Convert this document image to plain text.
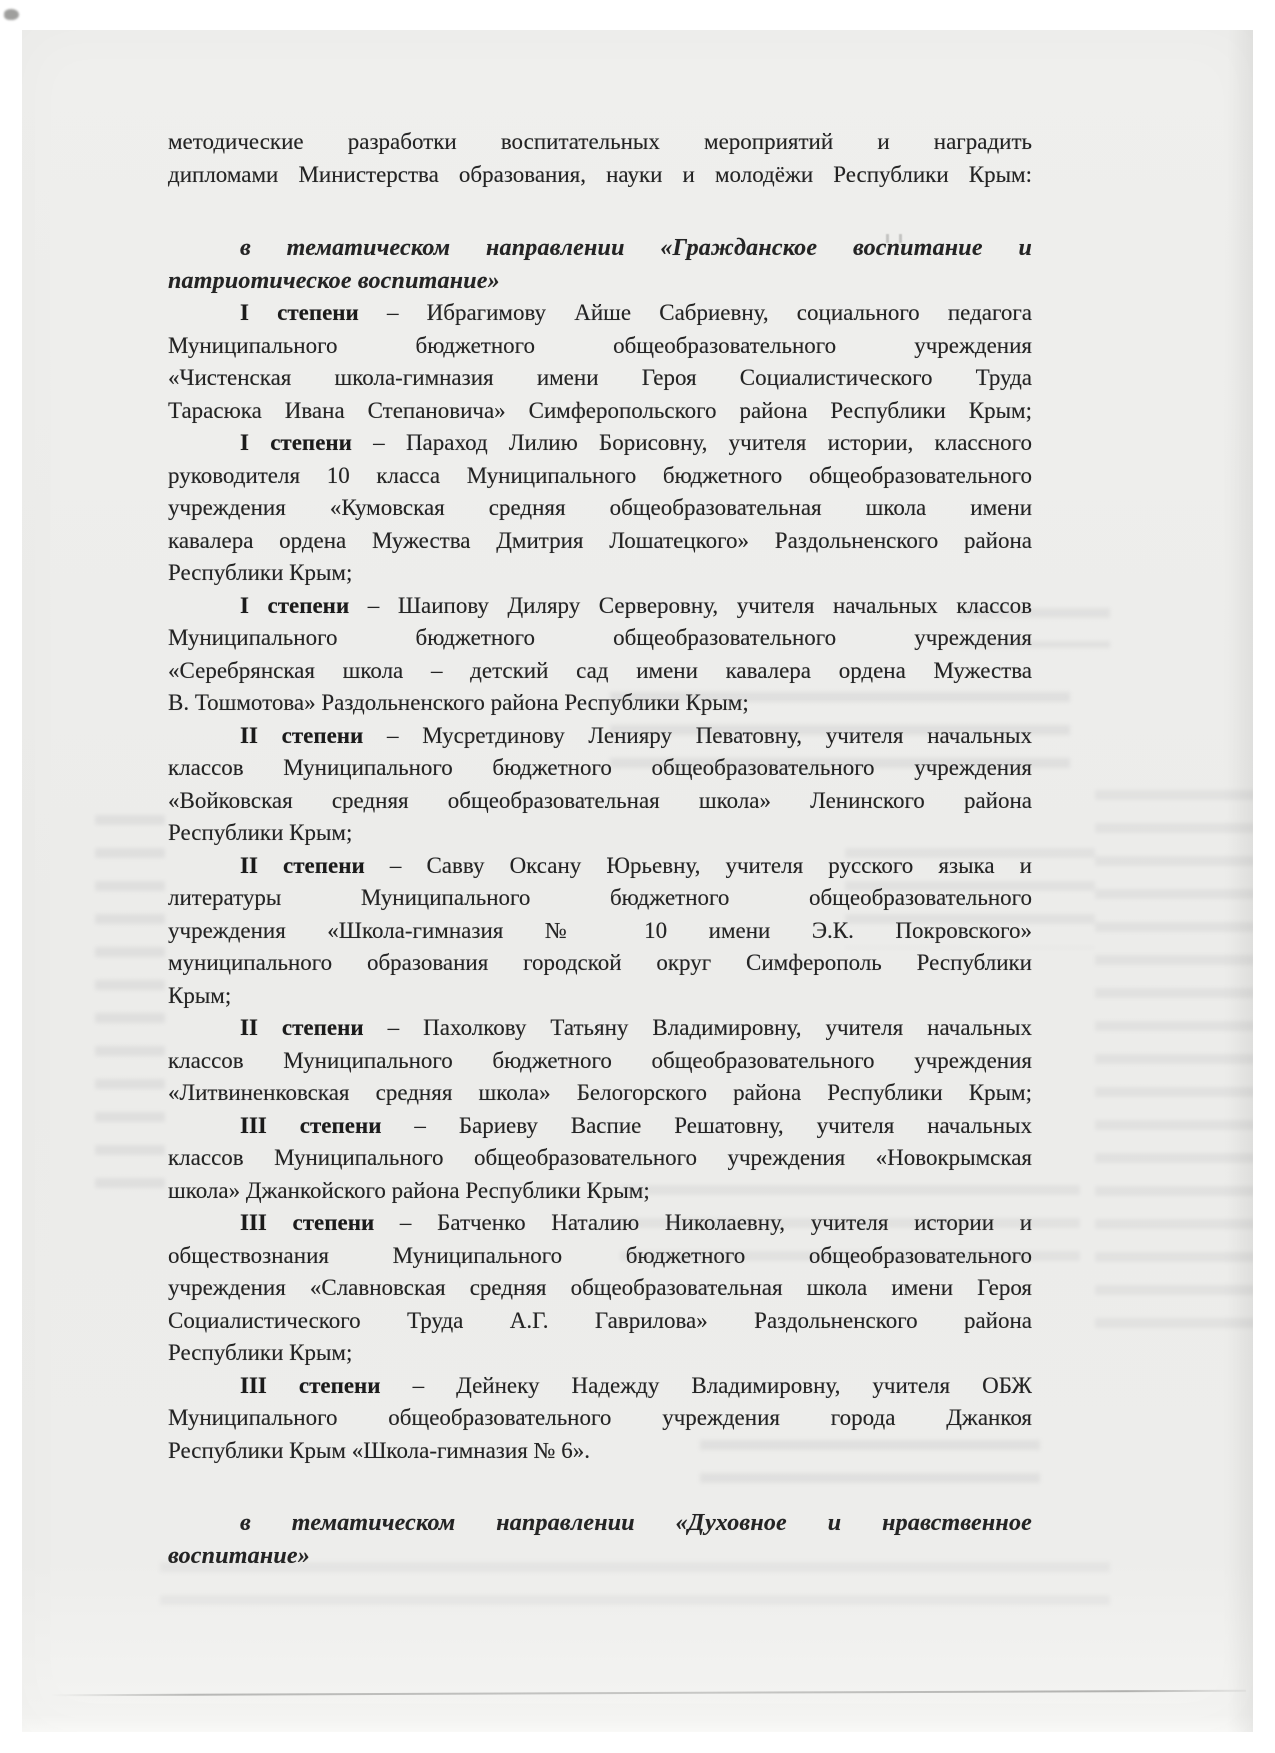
методические разработки воспитательных мероприятий и наградить
дипломами Министерства образования, науки и молодёжи Республики Крым:
в тематическом направлении «Гражданское воспитание и
патриотическое воспитание»
I степени – Ибрагимову Айше Сабриевну, социального педагога
Муниципального бюджетного общеобразовательного учреждения
«Чистенская школа-гимназия имени Героя Социалистического Труда
Тарасюка Ивана Степановича» Симферопольского района Республики Крым;
I степени – Параход Лилию Борисовну, учителя истории, классного
руководителя 10 класса Муниципального бюджетного общеобразовательного
учреждения «Кумовская средняя общеобразовательная школа имени
кавалера ордена Мужества Дмитрия Лошатецкого» Раздольненского района
Республики Крым;
I степени – Шаипову Диляру Серверовну, учителя начальных классов
Муниципального бюджетного общеобразовательного учреждения
«Серебрянская школа – детский сад имени кавалера ордена Мужества
В. Тошмотова» Раздольненского района Республики Крым;
II степени – Мусретдинову Ленияру Певатовну, учителя начальных
классов Муниципального бюджетного общеобразовательного учреждения
«Войковская средняя общеобразовательная школа» Ленинского района
Республики Крым;
II степени – Савву Оксану Юрьевну, учителя русского языка и
литературы Муниципального бюджетного общеобразовательного
учреждения «Школа-гимназия № 10 имени Э.К. Покровского»
муниципального образования городской округ Симферополь Республики
Крым;
II степени – Пахолкову Татьяну Владимировну, учителя начальных
классов Муниципального бюджетного общеобразовательного учреждения
«Литвиненковская средняя школа» Белогорского района Республики Крым;
III степени – Бариеву Васпие Решатовну, учителя начальных
классов Муниципального общеобразовательного учреждения «Новокрымская
школа» Джанкойского района Республики Крым;
III степени – Батченко Наталию Николаевну, учителя истории и
обществознания Муниципального бюджетного общеобразовательного
учреждения «Славновская средняя общеобразовательная школа имени Героя
Социалистического Труда А.Г. Гаврилова» Раздольненского района
Республики Крым;
III степени – Дейнеку Надежду Владимировну, учителя ОБЖ
Муниципального общеобразовательного учреждения города Джанкоя
Республики Крым «Школа-гимназия № 6».
в тематическом направлении «Духовное и нравственное
воспитание»
